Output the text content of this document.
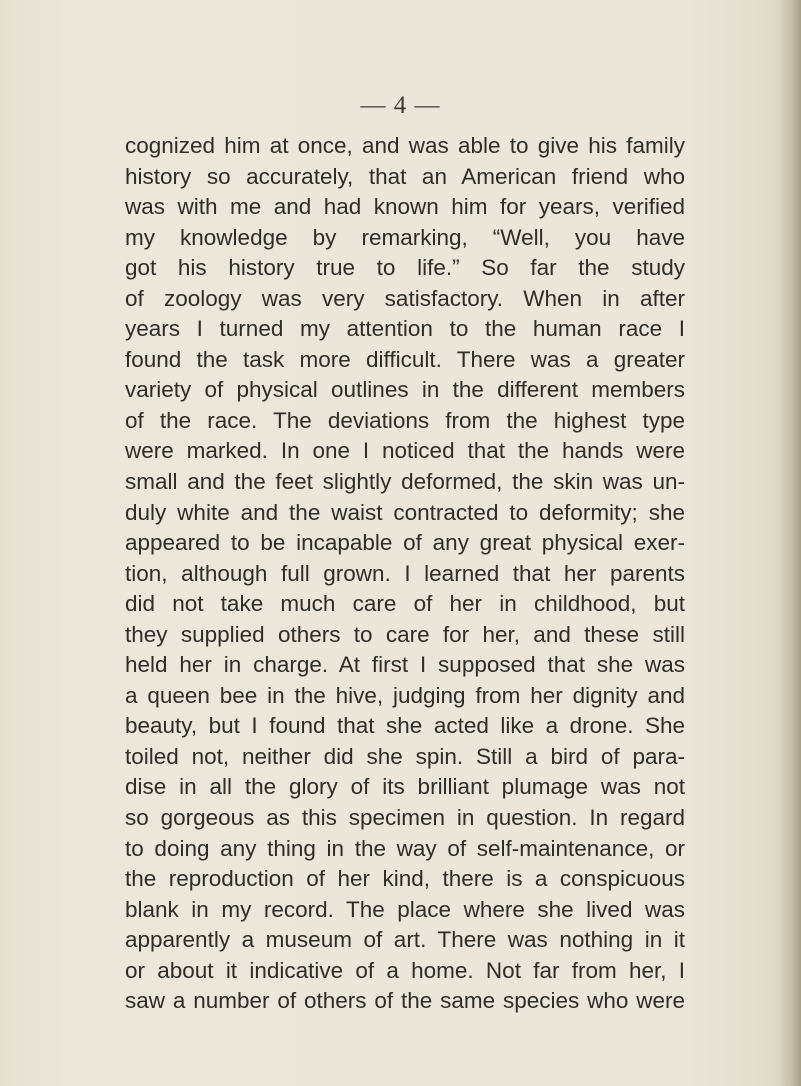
— 4 —
cognized him at once, and was able to give his family
history so accurately, that an American friend who
was with me and had known him for years, verified
my knowledge by remarking, “Well, you have
got his history true to life.” So far the study
of zoology was very satisfactory. When in after
years I turned my attention to the human race I
found the task more difficult. There was a greater
variety of physical outlines in the different members
of the race. The deviations from the highest type
were marked. In one I noticed that the hands were
small and the feet slightly deformed, the skin was un-
duly white and the waist contracted to deformity; she
appeared to be incapable of any great physical exer-
tion, although full grown. I learned that her parents
did not take much care of her in childhood, but
they supplied others to care for her, and these still
held her in charge. At first I supposed that she was
a queen bee in the hive, judging from her dignity and
beauty, but I found that she acted like a drone. She
toiled not, neither did she spin. Still a bird of para-
dise in all the glory of its brilliant plumage was not
so gorgeous as this specimen in question. In regard
to doing any thing in the way of self-maintenance, or
the reproduction of her kind, there is a conspicuous
blank in my record. The place where she lived was
apparently a museum of art. There was nothing in it
or about it indicative of a home. Not far from her, I
saw a number of others of the same species who were
